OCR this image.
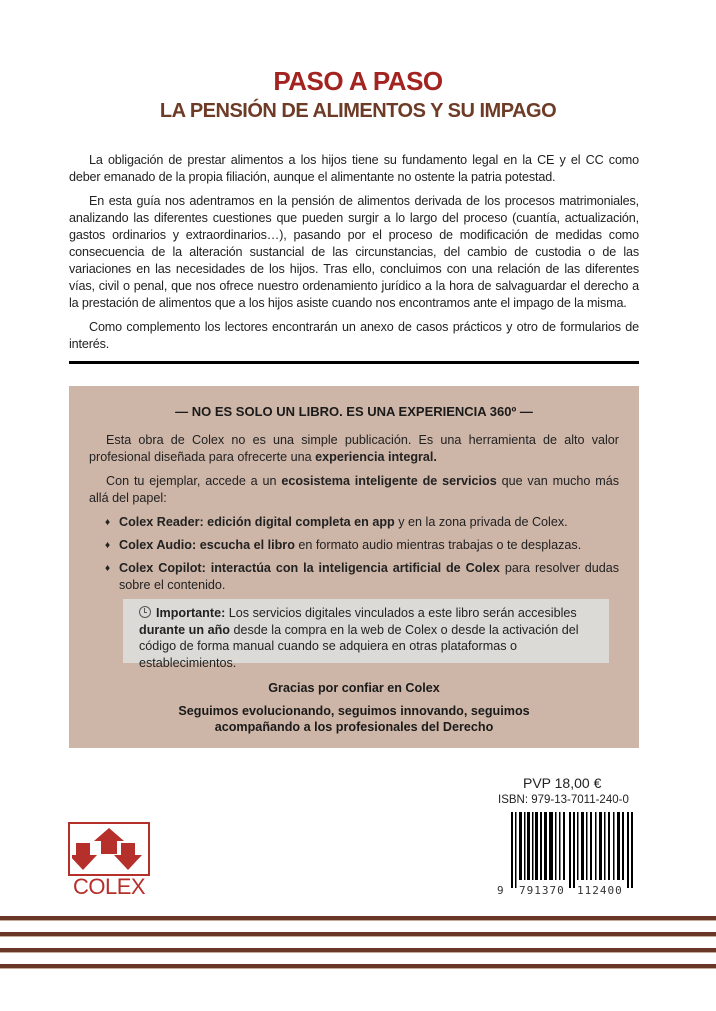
PASO A PASO
LA PENSIÓN DE ALIMENTOS Y SU IMPAGO

La obligación de prestar alimentos a los hijos tiene su fundamento legal en la CE y el CC como deber emanado de la propia filiación, aunque el alimentante no ostente la patria potestad.

En esta guía nos adentramos en la pensión de alimentos derivada de los procesos matrimoniales, analizando las diferentes cuestiones que pueden surgir a lo largo del proceso (cuantía, actualización, gastos ordinarios y extraordinarios…), pasando por el proceso de modificación de medidas como consecuencia de la alteración sustancial de las circunstancias, del cambio de custodia o de las variaciones en las necesidades de los hijos. Tras ello, concluimos con una relación de las diferentes vías, civil o penal, que nos ofrece nuestro ordenamiento jurídico a la hora de salvaguardar el derecho a la prestación de alimentos que a los hijos asiste cuando nos encontramos ante el impago de la misma.

Como complemento los lectores encontrarán un anexo de casos prácticos y otro de formularios de interés.

— NO ES SOLO UN LIBRO. ES UNA EXPERIENCIA 360º —

Esta obra de Colex no es una simple publicación. Es una herramienta de alto valor profesional diseñada para ofrecerte una experiencia integral.

Con tu ejemplar, accede a un ecosistema inteligente de servicios que van mucho más allá del papel:

♦ Colex Reader: edición digital completa en app y en la zona privada de Colex.
♦ Colex Audio: escucha el libro en formato audio mientras trabajas o te desplazas.
♦ Colex Copilot: interactúa con la inteligencia artificial de Colex para resolver dudas sobre el contenido.
Importante: Los servicios digitales vinculados a este libro serán accesibles durante un año desde la compra en la web de Colex o desde la activación del código de forma manual cuando se adquiera en otras plataformas o establecimientos.
Gracias por confiar en Colex
Seguimos evolucionando, seguimos innovando, seguimos acompañando a los profesionales del Derecho
PVP 18,00 €
ISBN: 979-13-7011-240-0
9 791370 112400
COLEX
